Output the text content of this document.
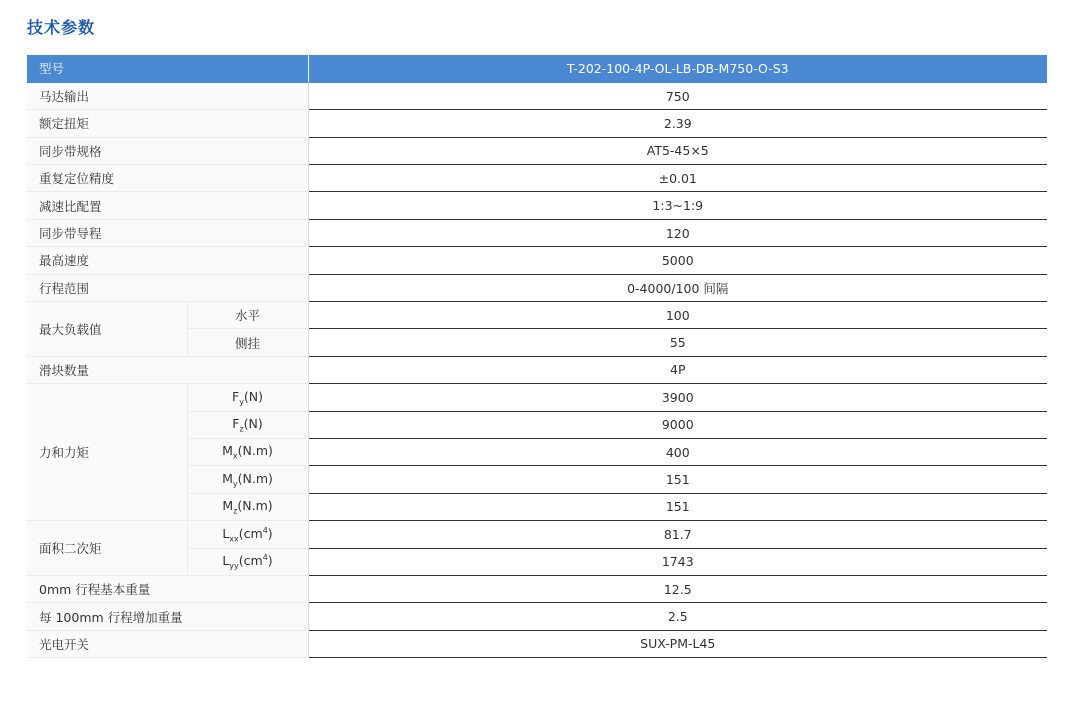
技术参数
型号		T-202-100-4P-OL-LB-DB-M750-O-S3
马达输出		750
额定扭矩		2.39
同步带规格		AT5-45×5
重复定位精度		±0.01
减速比配置		1:3~1:9
同步带导程		120
最高速度		5000
行程范围		0-4000/100 间隔
最大负载值	水平	100
	侧挂	55
滑块数量		4P
力和力矩	$F_y(N)$	3900
	$F_z(N)$	9000
	$M_x(N.m)$	400
	$M_y(N.m)$	151
	$M_z(N.m)$	151
面积二次矩	$L_{xx}(cm^4)$	81.7
	$L_{yy}(cm^4)$	1743
0mm 行程基本重量		12.5
每 100mm 行程增加重量		2.5
光电开关		SUX-PM-L45
